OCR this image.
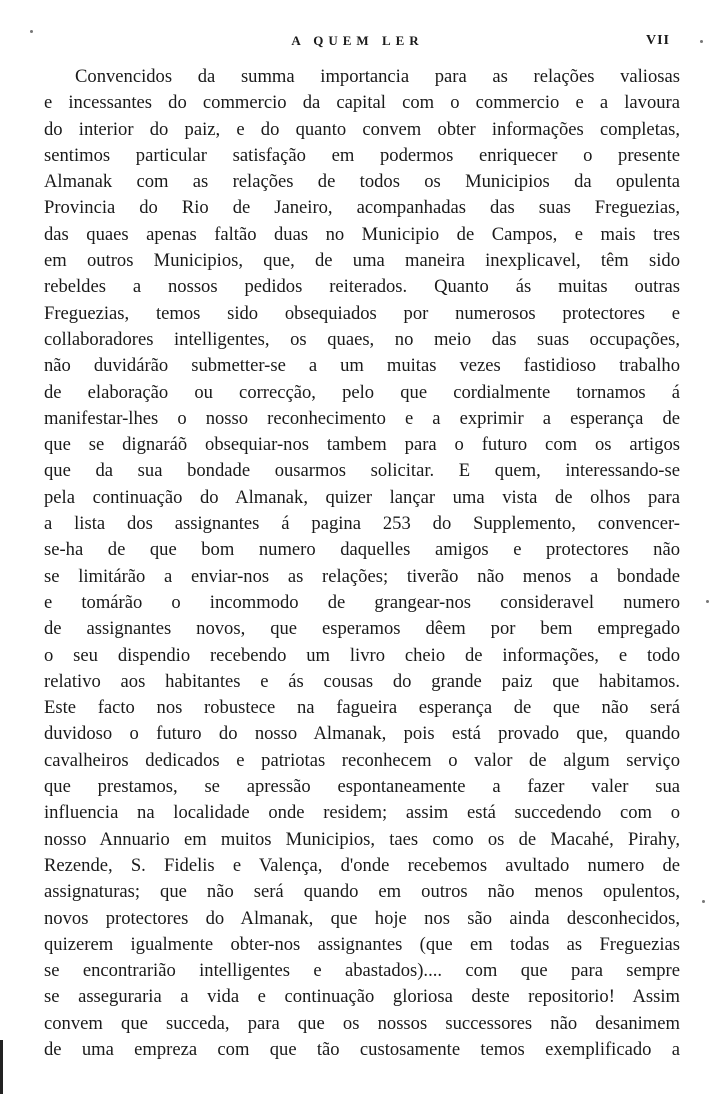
A QUEM LER	VII
Convencidos da summa importancia para as relações valiosas
e incessantes do commercio da capital com o commercio e a lavoura
do interior do paiz, e do quanto convem obter informações completas,
sentimos particular satisfação em podermos enriquecer o presente
Almanak com as relações de todos os Municipios da opulenta
Provincia do Rio de Janeiro, acompanhadas das suas Freguezias,
das quaes apenas faltão duas no Municipio de Campos, e mais tres
em outros Municipios, que, de uma maneira inexplicavel, têm sido
rebeldes a nossos pedidos reiterados. Quanto ás muitas outras
Freguezias, temos sido obsequiados por numerosos protectores e
collaboradores intelligentes, os quaes, no meio das suas occupações,
não duvidárão submetter-se a um muitas vezes fastidioso trabalho
de elaboração ou correcção, pelo que cordialmente tornamos á
manifestar-lhes o nosso reconhecimento e a exprimir a esperança de
que se dignaráõ obsequiar-nos tambem para o futuro com os artigos
que da sua bondade ousarmos solicitar. E quem, interessando-se
pela continuação do Almanak, quizer lançar uma vista de olhos para
a lista dos assignantes á pagina 253 do Supplemento, convencer-
se-ha de que bom numero daquelles amigos e protectores não
se limitárão a enviar-nos as relações; tiverão não menos a bondade
e tomárão o incommodo de grangear-nos consideravel numero
de assignantes novos, que esperamos dêem por bem empregado
o seu dispendio recebendo um livro cheio de informações, e todo
relativo aos habitantes e ás cousas do grande paiz que habitamos.
Este facto nos robustece na fagueira esperança de que não será
duvidoso o futuro do nosso Almanak, pois está provado que, quando
cavalheiros dedicados e patriotas reconhecem o valor de algum serviço
que prestamos, se apressão espontaneamente a fazer valer sua
influencia na localidade onde residem; assim está succedendo com o
nosso Annuario em muitos Municipios, taes como os de Macahé, Pirahy,
Rezende, S. Fidelis e Valença, d'onde recebemos avultado numero de
assignaturas; que não será quando em outros não menos opulentos,
novos protectores do Almanak, que hoje nos são ainda desconhecidos,
quizerem igualmente obter-nos assignantes (que em todas as Freguezias
se encontrarião intelligentes e abastados).... com que para sempre
se asseguraria a vida e continuação gloriosa deste repositorio! Assim
convem que succeda, para que os nossos successores não desanimem
de uma empreza com que tão custosamente temos exemplificado a
